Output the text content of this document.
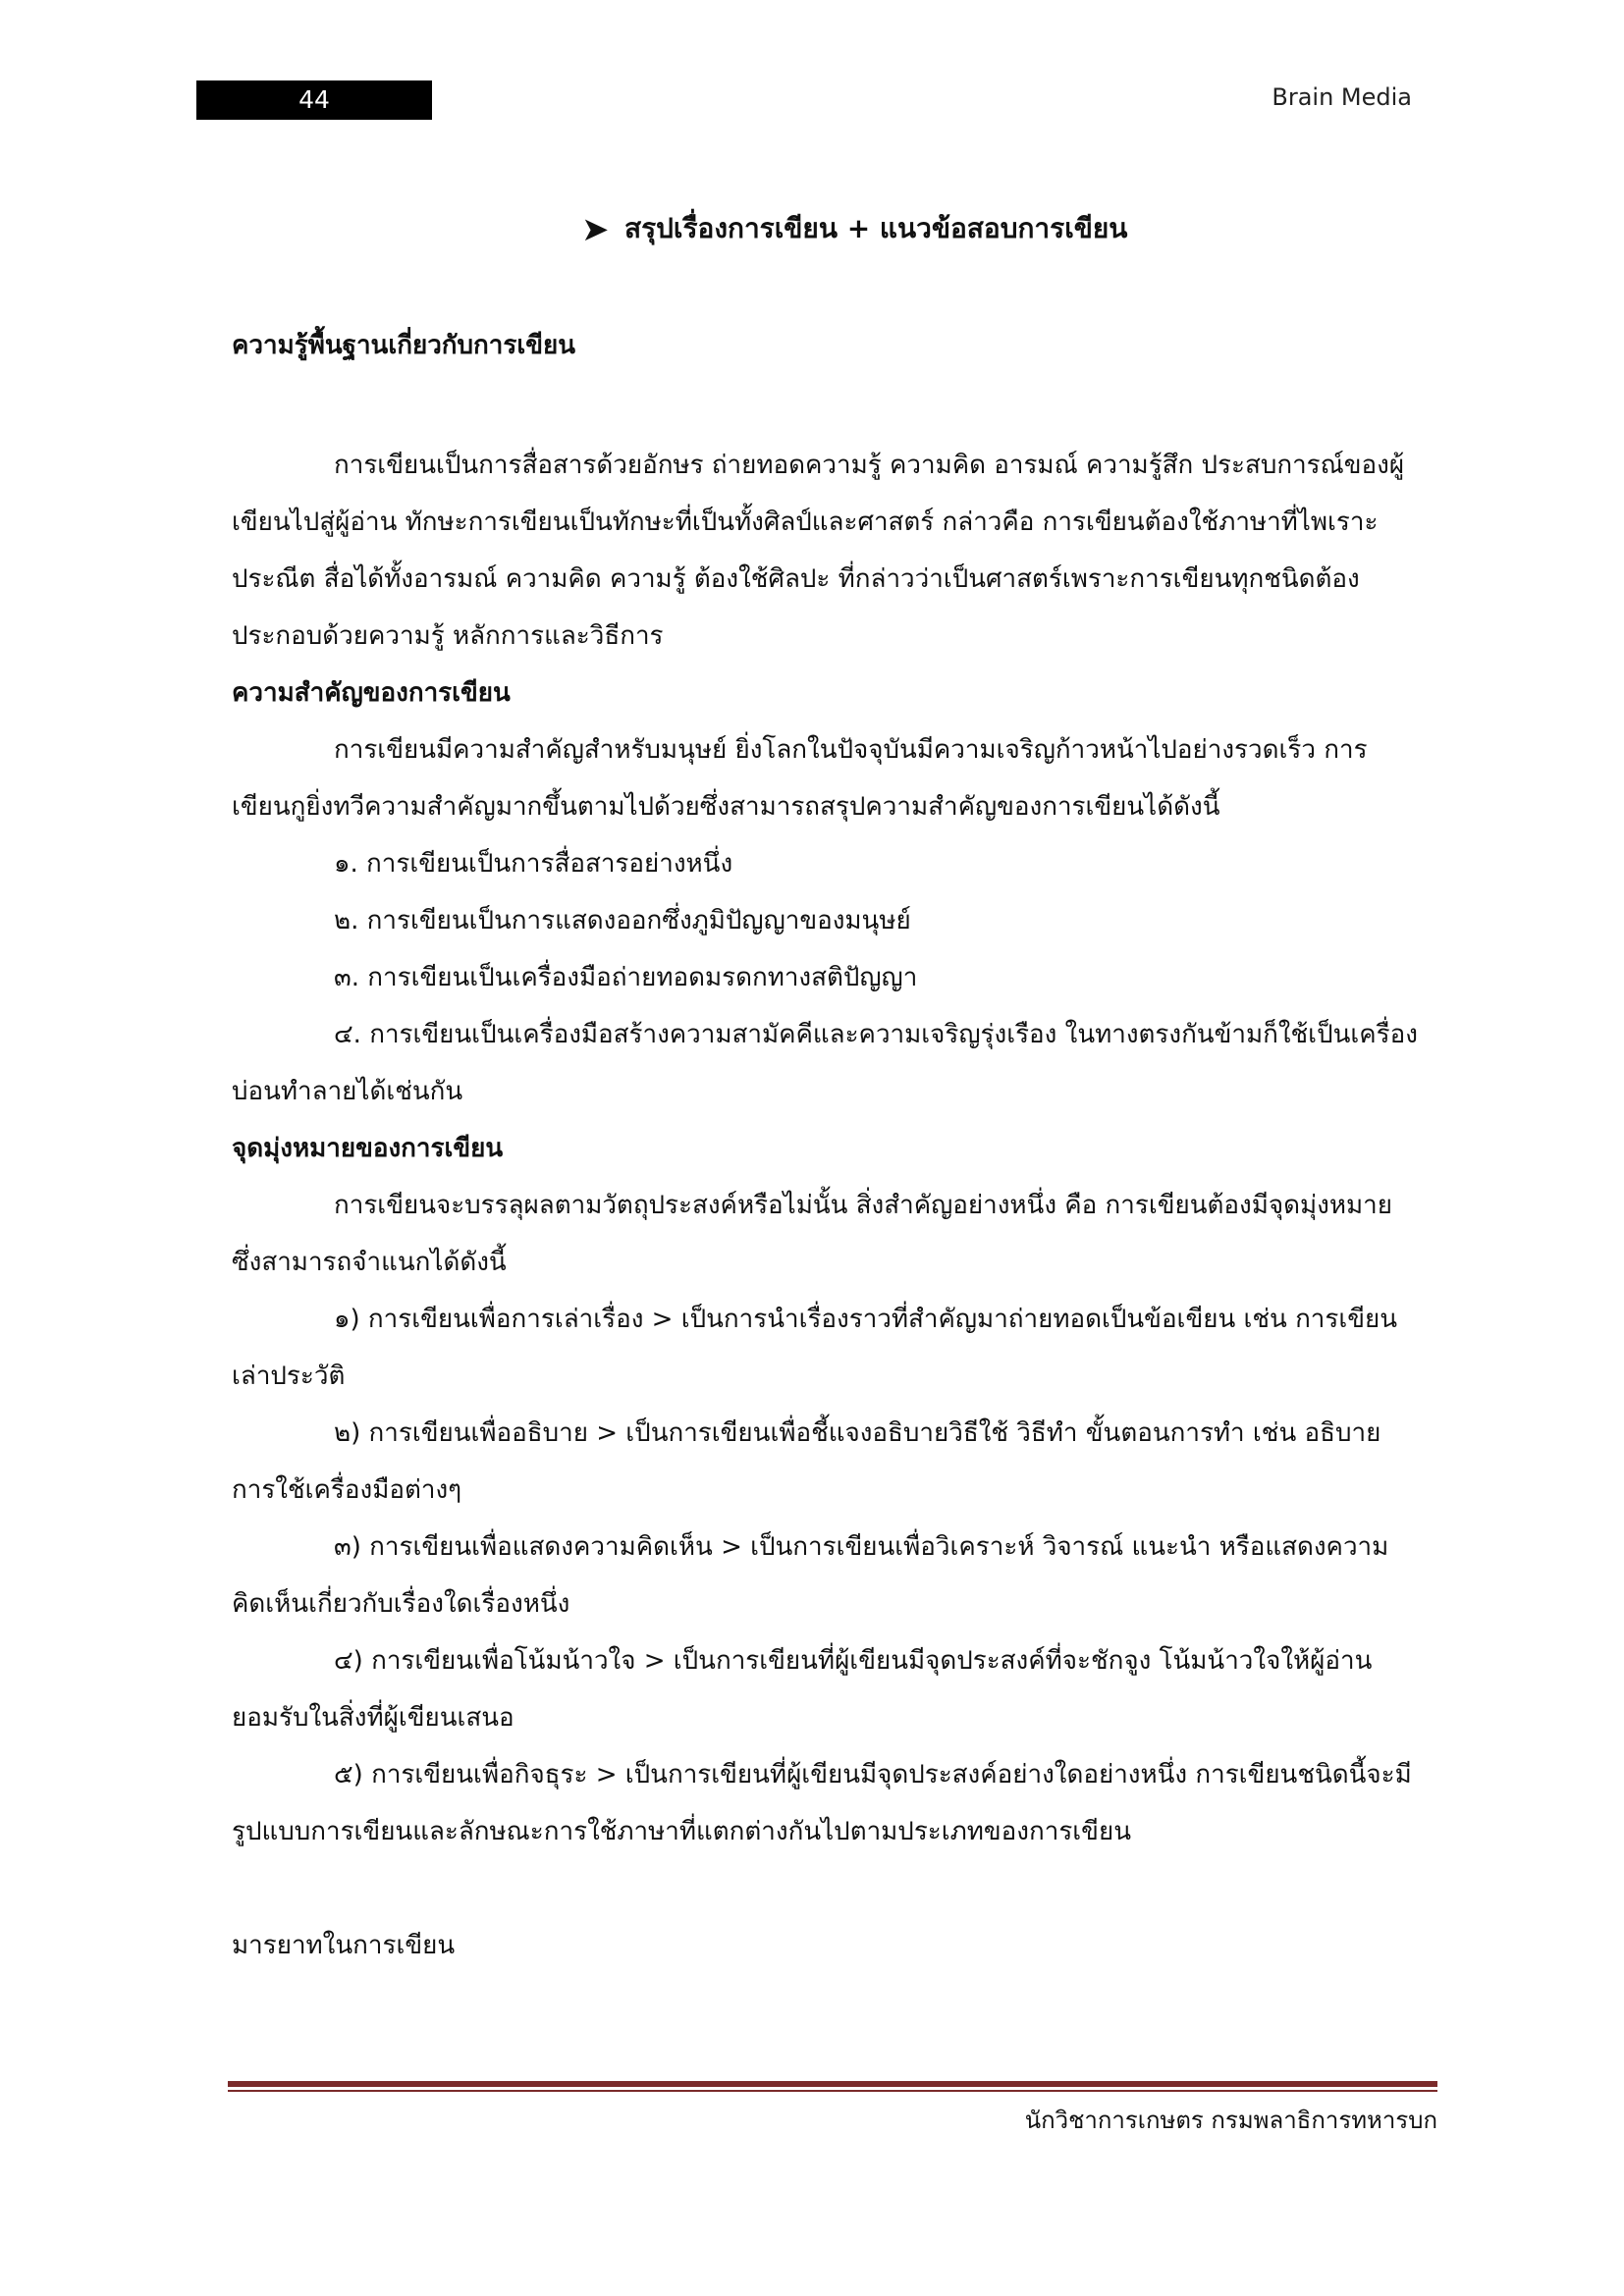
44	Brain Media
➤ สรุปเรื่องการเขียน + แนวข้อสอบการเขียน

ความรู้พื้นฐานเกี่ยวกับการเขียน

การเขียนเป็นการสื่อสารด้วยอักษร ถ่ายทอดความรู้ ความคิด อารมณ์ ความรู้สึก ประสบการณ์ของผู้เขียนไปสู่ผู้อ่าน ทักษะการเขียนเป็นทักษะที่เป็นทั้งศิลป์และศาสตร์ กล่าวคือ การเขียนต้องใช้ภาษาที่ไพเราะประณีต สื่อได้ทั้งอารมณ์ ความคิด ความรู้ ต้องใช้ศิลปะ ที่กล่าวว่าเป็นศาสตร์เพราะการเขียนทุกชนิดต้องประกอบด้วยความรู้ หลักการและวิธีการ

ความสำคัญของการเขียน

การเขียนมีความสำคัญสำหรับมนุษย์ ยิ่งโลกในปัจจุบันมีความเจริญก้าวหน้าไปอย่างรวดเร็ว การเขียนกูยิ่งทวีความสำคัญมากขึ้นตามไปด้วยซึ่งสามารถสรุปความสำคัญของการเขียนได้ดังนี้

๑. การเขียนเป็นการสื่อสารอย่างหนึ่ง

๒. การเขียนเป็นการแสดงออกซึ่งภูมิปัญญาของมนุษย์

๓. การเขียนเป็นเครื่องมือถ่ายทอดมรดกทางสติปัญญา

๔. การเขียนเป็นเครื่องมือสร้างความสามัคคีและความเจริญรุ่งเรือง ในทางตรงกันข้ามก็ใช้เป็นเครื่องบ่อนทำลายได้เช่นกัน

จุดมุ่งหมายของการเขียน

การเขียนจะบรรลุผลตามวัตถุประสงค์หรือไม่นั้น สิ่งสำคัญอย่างหนึ่ง คือ การเขียนต้องมีจุดมุ่งหมายซึ่งสามารถจำแนกได้ดังนี้

๑) การเขียนเพื่อการเล่าเรื่อง > เป็นการนำเรื่องราวที่สำคัญมาถ่ายทอดเป็นข้อเขียน เช่น การเขียนเล่าประวัติ

๒) การเขียนเพื่ออธิบาย > เป็นการเขียนเพื่อชี้แจงอธิบายวิธีใช้ วิธีทำ ขั้นตอนการทำ เช่น อธิบายการใช้เครื่องมือต่างๆ

๓) การเขียนเพื่อแสดงความคิดเห็น > เป็นการเขียนเพื่อวิเคราะห์ วิจารณ์ แนะนำ หรือแสดงความคิดเห็นเกี่ยวกับเรื่องใดเรื่องหนึ่ง

๔) การเขียนเพื่อโน้มน้าวใจ > เป็นการเขียนที่ผู้เขียนมีจุดประสงค์ที่จะชักจูง โน้มน้าวใจให้ผู้อ่านยอมรับในสิ่งที่ผู้เขียนเสนอ

๕) การเขียนเพื่อกิจธุระ > เป็นการเขียนที่ผู้เขียนมีจุดประสงค์อย่างใดอย่างหนึ่ง การเขียนชนิดนี้จะมีรูปแบบการเขียนและลักษณะการใช้ภาษาที่แตกต่างกันไปตามประเภทของการเขียน

มารยาทในการเขียน

นักวิชาการเกษตร กรมพลาธิการทหารบก
